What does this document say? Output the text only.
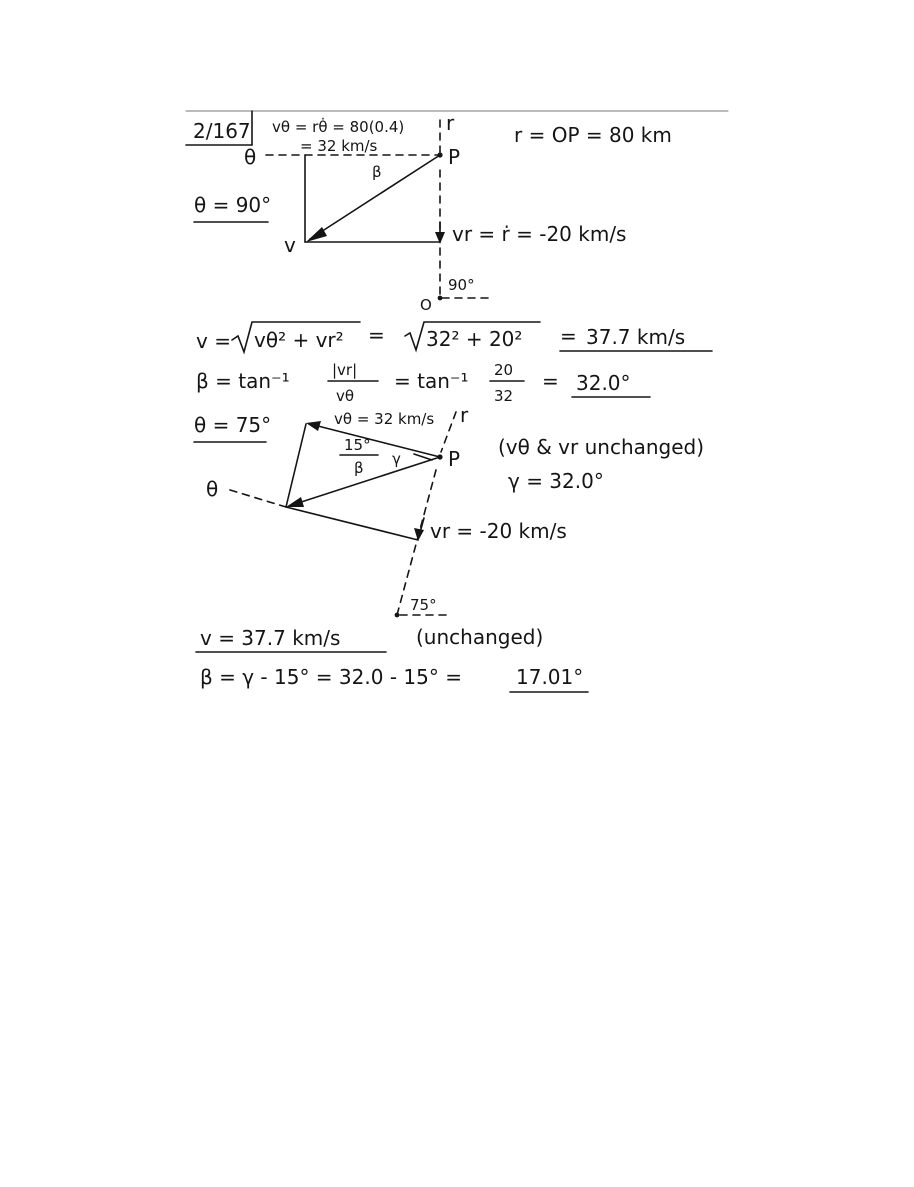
2/167 vθ = rθ̇ = 80(0.4)
= 32 km/s	r = OP = 80 km
r
θ	P
β
v	vr = ṙ = -20 km/s
θ = 90°
O
90°
v = vθ² + vr² = 32² + 20² = 37.7 km/s
β = tan⁻¹	|vr|
vθ
= tan⁻¹ 20
32
= 32.0°
θ = 75°	vθ = 32 km/s r
θ
P
15°
β γ
vr = -20 km/s
(vθ & vr unchanged)
γ = 32.0°
75°
v = 37.7 km/s	(unchanged)
β = γ - 15° = 32.0 - 15° =	17.01°
